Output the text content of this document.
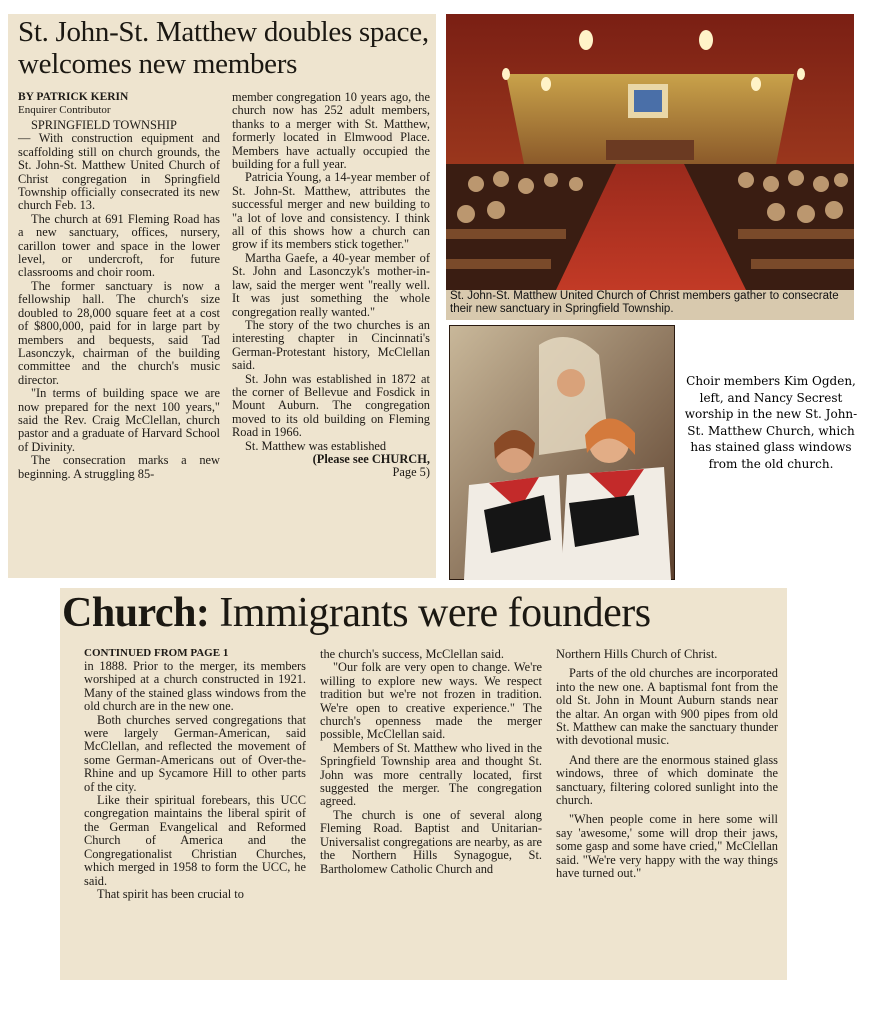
St. John-St. Matthew doubles space, welcomes new members
BY PATRICK KERIN
Enquirer Contributor

SPRINGFIELD TOWNSHIP

— With construction equipment and scaffolding still on church grounds, the St. John-St. Matthew United Church of Christ congregation in Springfield Township officially consecrated its new church Feb. 13.

The church at 691 Fleming Road has a new sanctuary, offices, nursery, carillon tower and space in the lower level, or undercroft, for future classrooms and choir room.

The former sanctuary is now a fellowship hall. The church's size doubled to 28,000 square feet at a cost of $800,000, paid for in large part by members and bequests, said Tad Lasonczyk, chairman of the building committee and the church's music director.

"In terms of building space we are now prepared for the next 100 years," said the Rev. Craig McClellan, church pastor and a graduate of Harvard School of Divinity.

The consecration marks a new beginning. A struggling 85-

member congregation 10 years ago, the church now has 252 adult members, thanks to a merger with St. Matthew, formerly located in Elmwood Place. Members have actually occupied the building for a full year.

Patricia Young, a 14-year member of St. John-St. Matthew, attributes the successful merger and new building to "a lot of love and consistency. I think all of this shows how a church can grow if its members stick together."

Martha Gaefe, a 40-year member of St. John and Lasonczyk's mother-in-law, said the merger went "really well. It was just something the whole congregation really wanted."

The story of the two churches is an interesting chapter in Cincinnati's German-Protestant history, McClellan said.

St. John was established in 1872 at the corner of Bellevue and Fosdick in Mount Auburn. The congregation moved to its old building on Fleming Road in 1966.

St. Matthew was established

(Please see CHURCH,

Page 5)

St. John-St. Matthew United Church of Christ members gather to consecrate their new sanctuary in Springfield Township.
Choir members Kim Ogden, left, and Nancy Secrest worship in the new St. John-St. Matthew Church, which has stained glass windows from the old church.
Church: Immigrants were founders
CONTINUED FROM PAGE 1

in 1888. Prior to the merger, its members worshiped at a church constructed in 1921. Many of the stained glass windows from the old church are in the new one.

Both churches served congregations that were largely German-American, said McClellan, and reflected the movement of some German-Americans out of Over-the-Rhine and up Sycamore Hill to other parts of the city.

Like their spiritual forebears, this UCC congregation maintains the liberal spirit of the German Evangelical and Reformed Church of America and the Congregationalist Christian Churches, which merged in 1958 to form the UCC, he said.

That spirit has been crucial to

the church's success, McClellan said.

"Our folk are very open to change. We're willing to explore new ways. We respect tradition but we're not frozen in tradition. We're open to creative experience." The church's openness made the merger possible, McClellan said.

Members of St. Matthew who lived in the Springfield Township area and thought St. John was more centrally located, first suggested the merger. The congregation agreed.

The church is one of several along Fleming Road. Baptist and Unitarian-Universalist congregations are nearby, as are the Northern Hills Synagogue, St. Bartholomew Catholic Church and

Northern Hills Church of Christ.

Parts of the old churches are incorporated into the new one. A baptismal font from the old St. John in Mount Auburn stands near the altar. An organ with 900 pipes from old St. Matthew can make the sanctuary thunder with devotional music.

And there are the enormous stained glass windows, three of which dominate the sanctuary, filtering colored sunlight into the church.

"When people come in here some will say 'awesome,' some will drop their jaws, some gasp and some have cried," McClellan said. "We're very happy with the way things have turned out."
